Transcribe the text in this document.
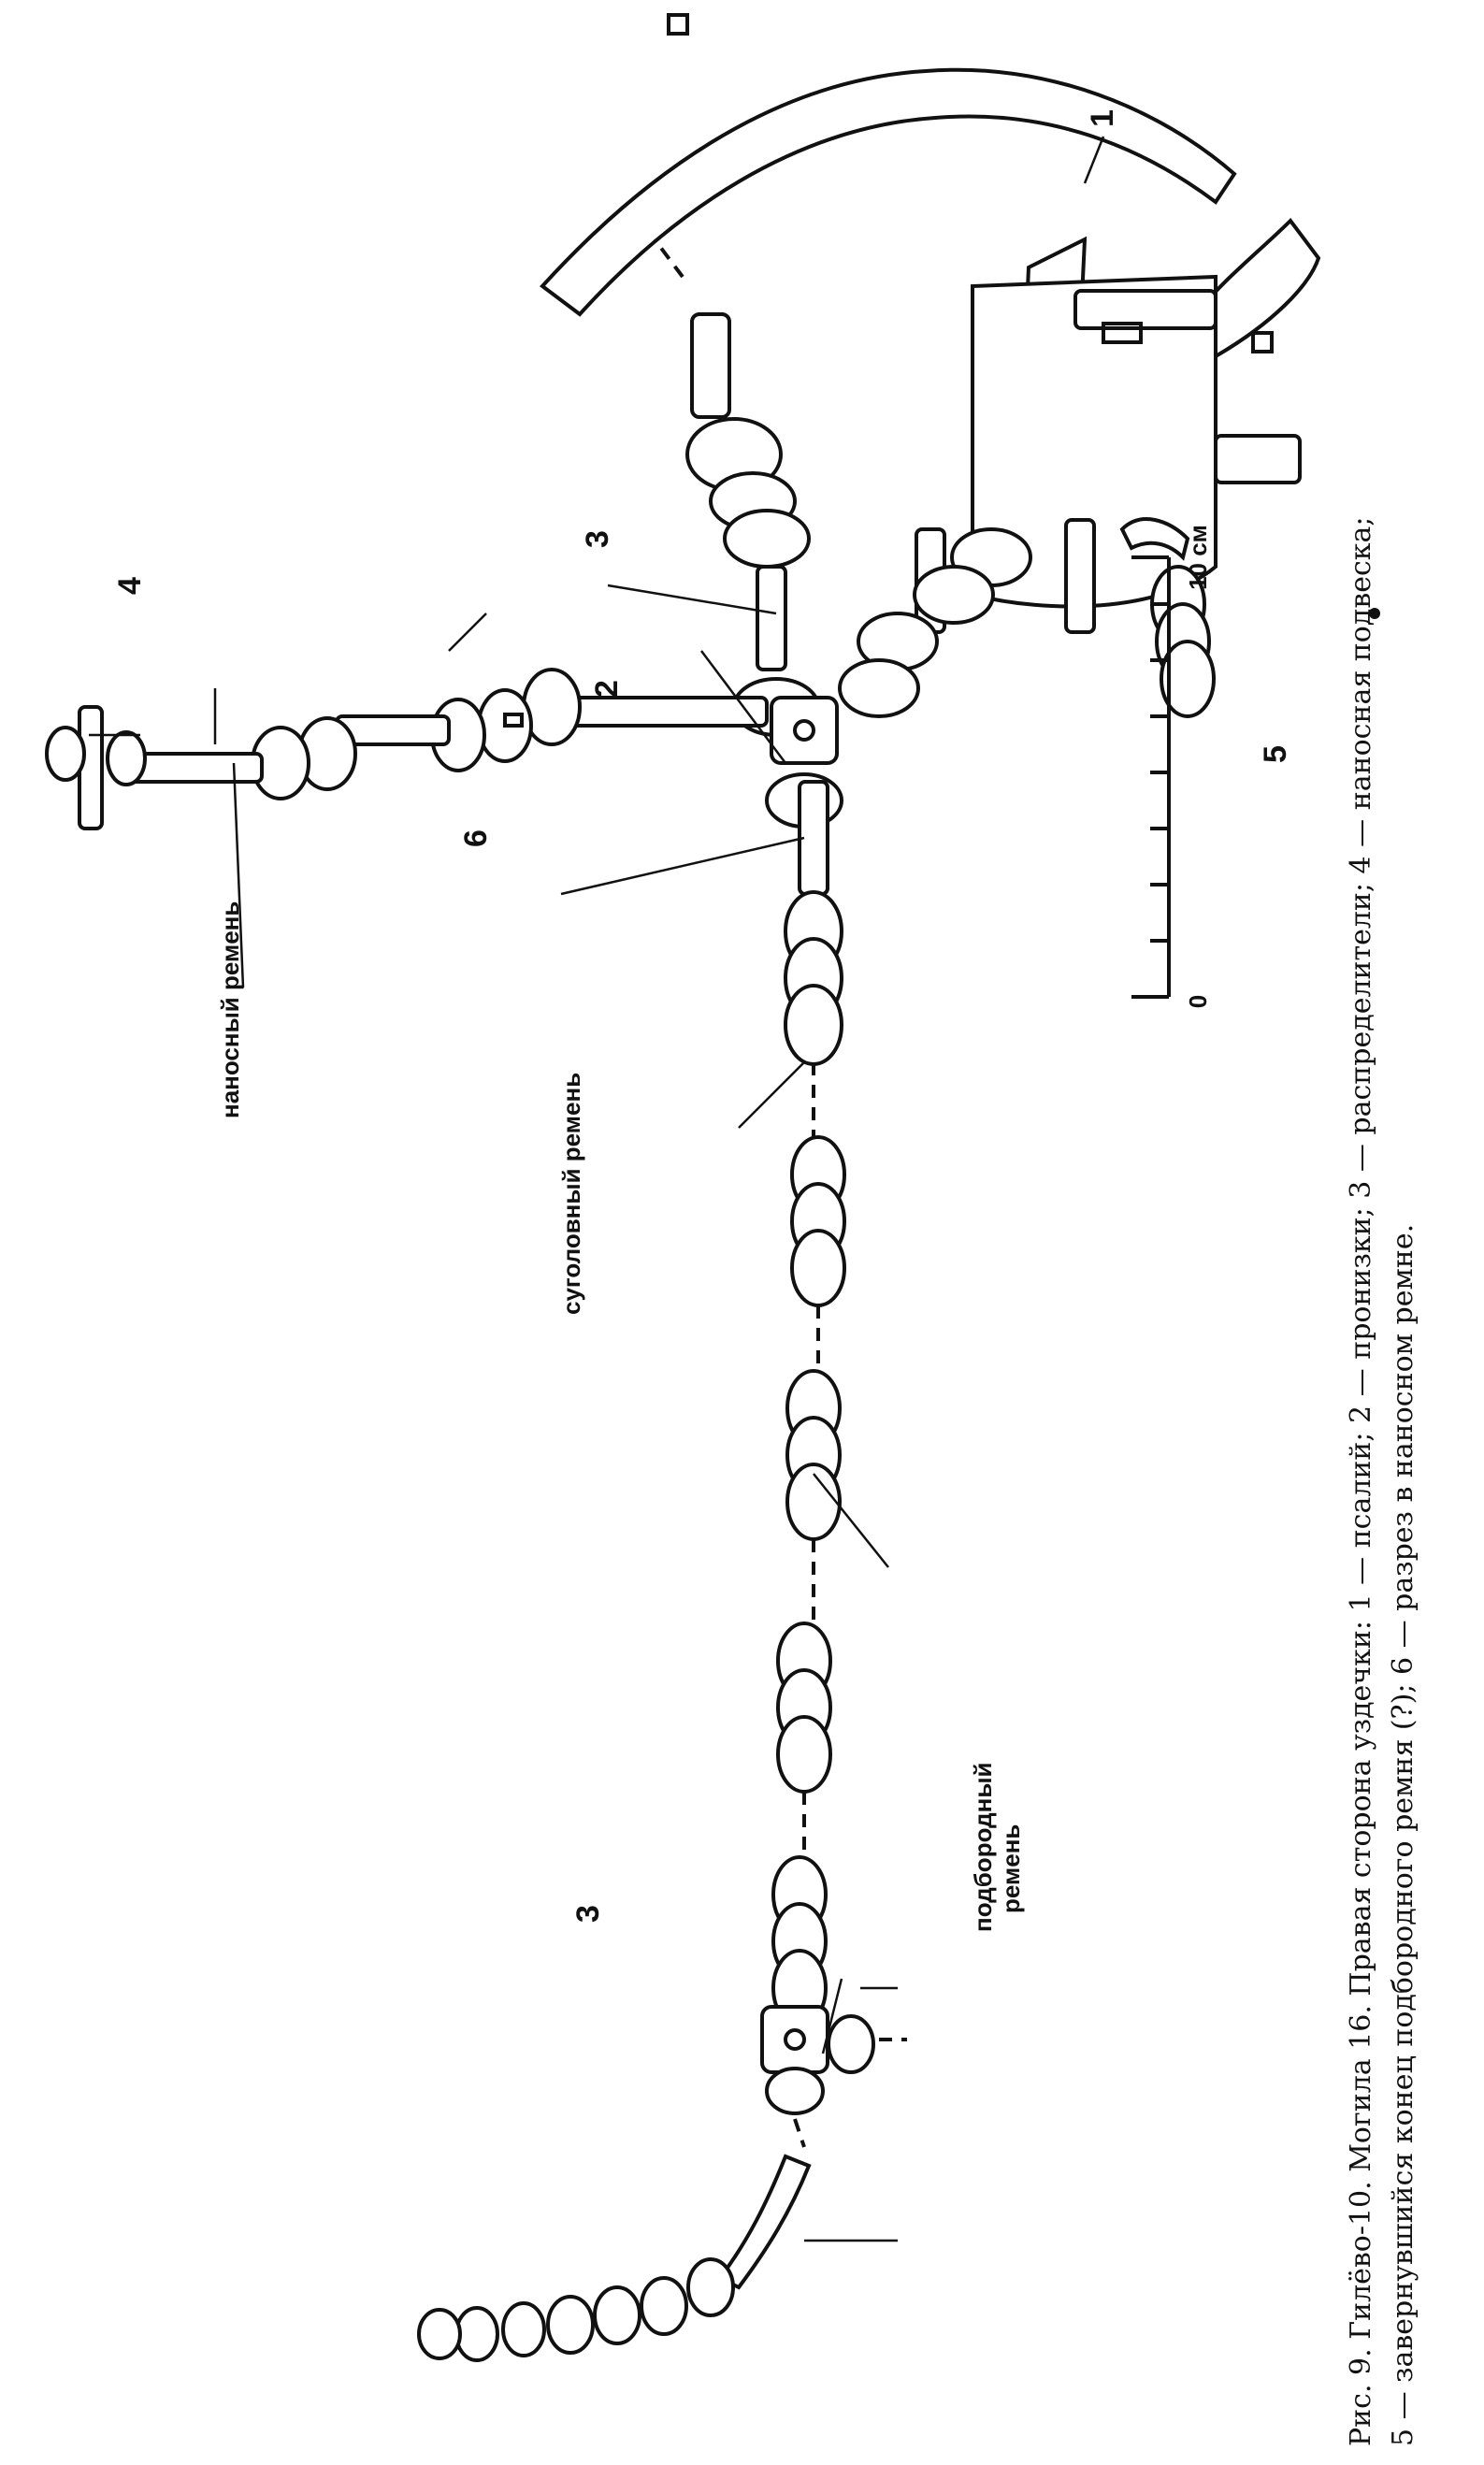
0
10 см
1
2
3
3
4
5
6
наносный ремень
суголовный ремень
подбородный ремень	Рис. 9. Гилёво-10. Могила 16. Правая сторона уздечки: 1 — псалий; 2 — пронизки; 3 — распределители; 4 — наносная подвеска; 5 — завернувшийся конец подбородного ремня (?); 6 — разрез в наносном ремне.
